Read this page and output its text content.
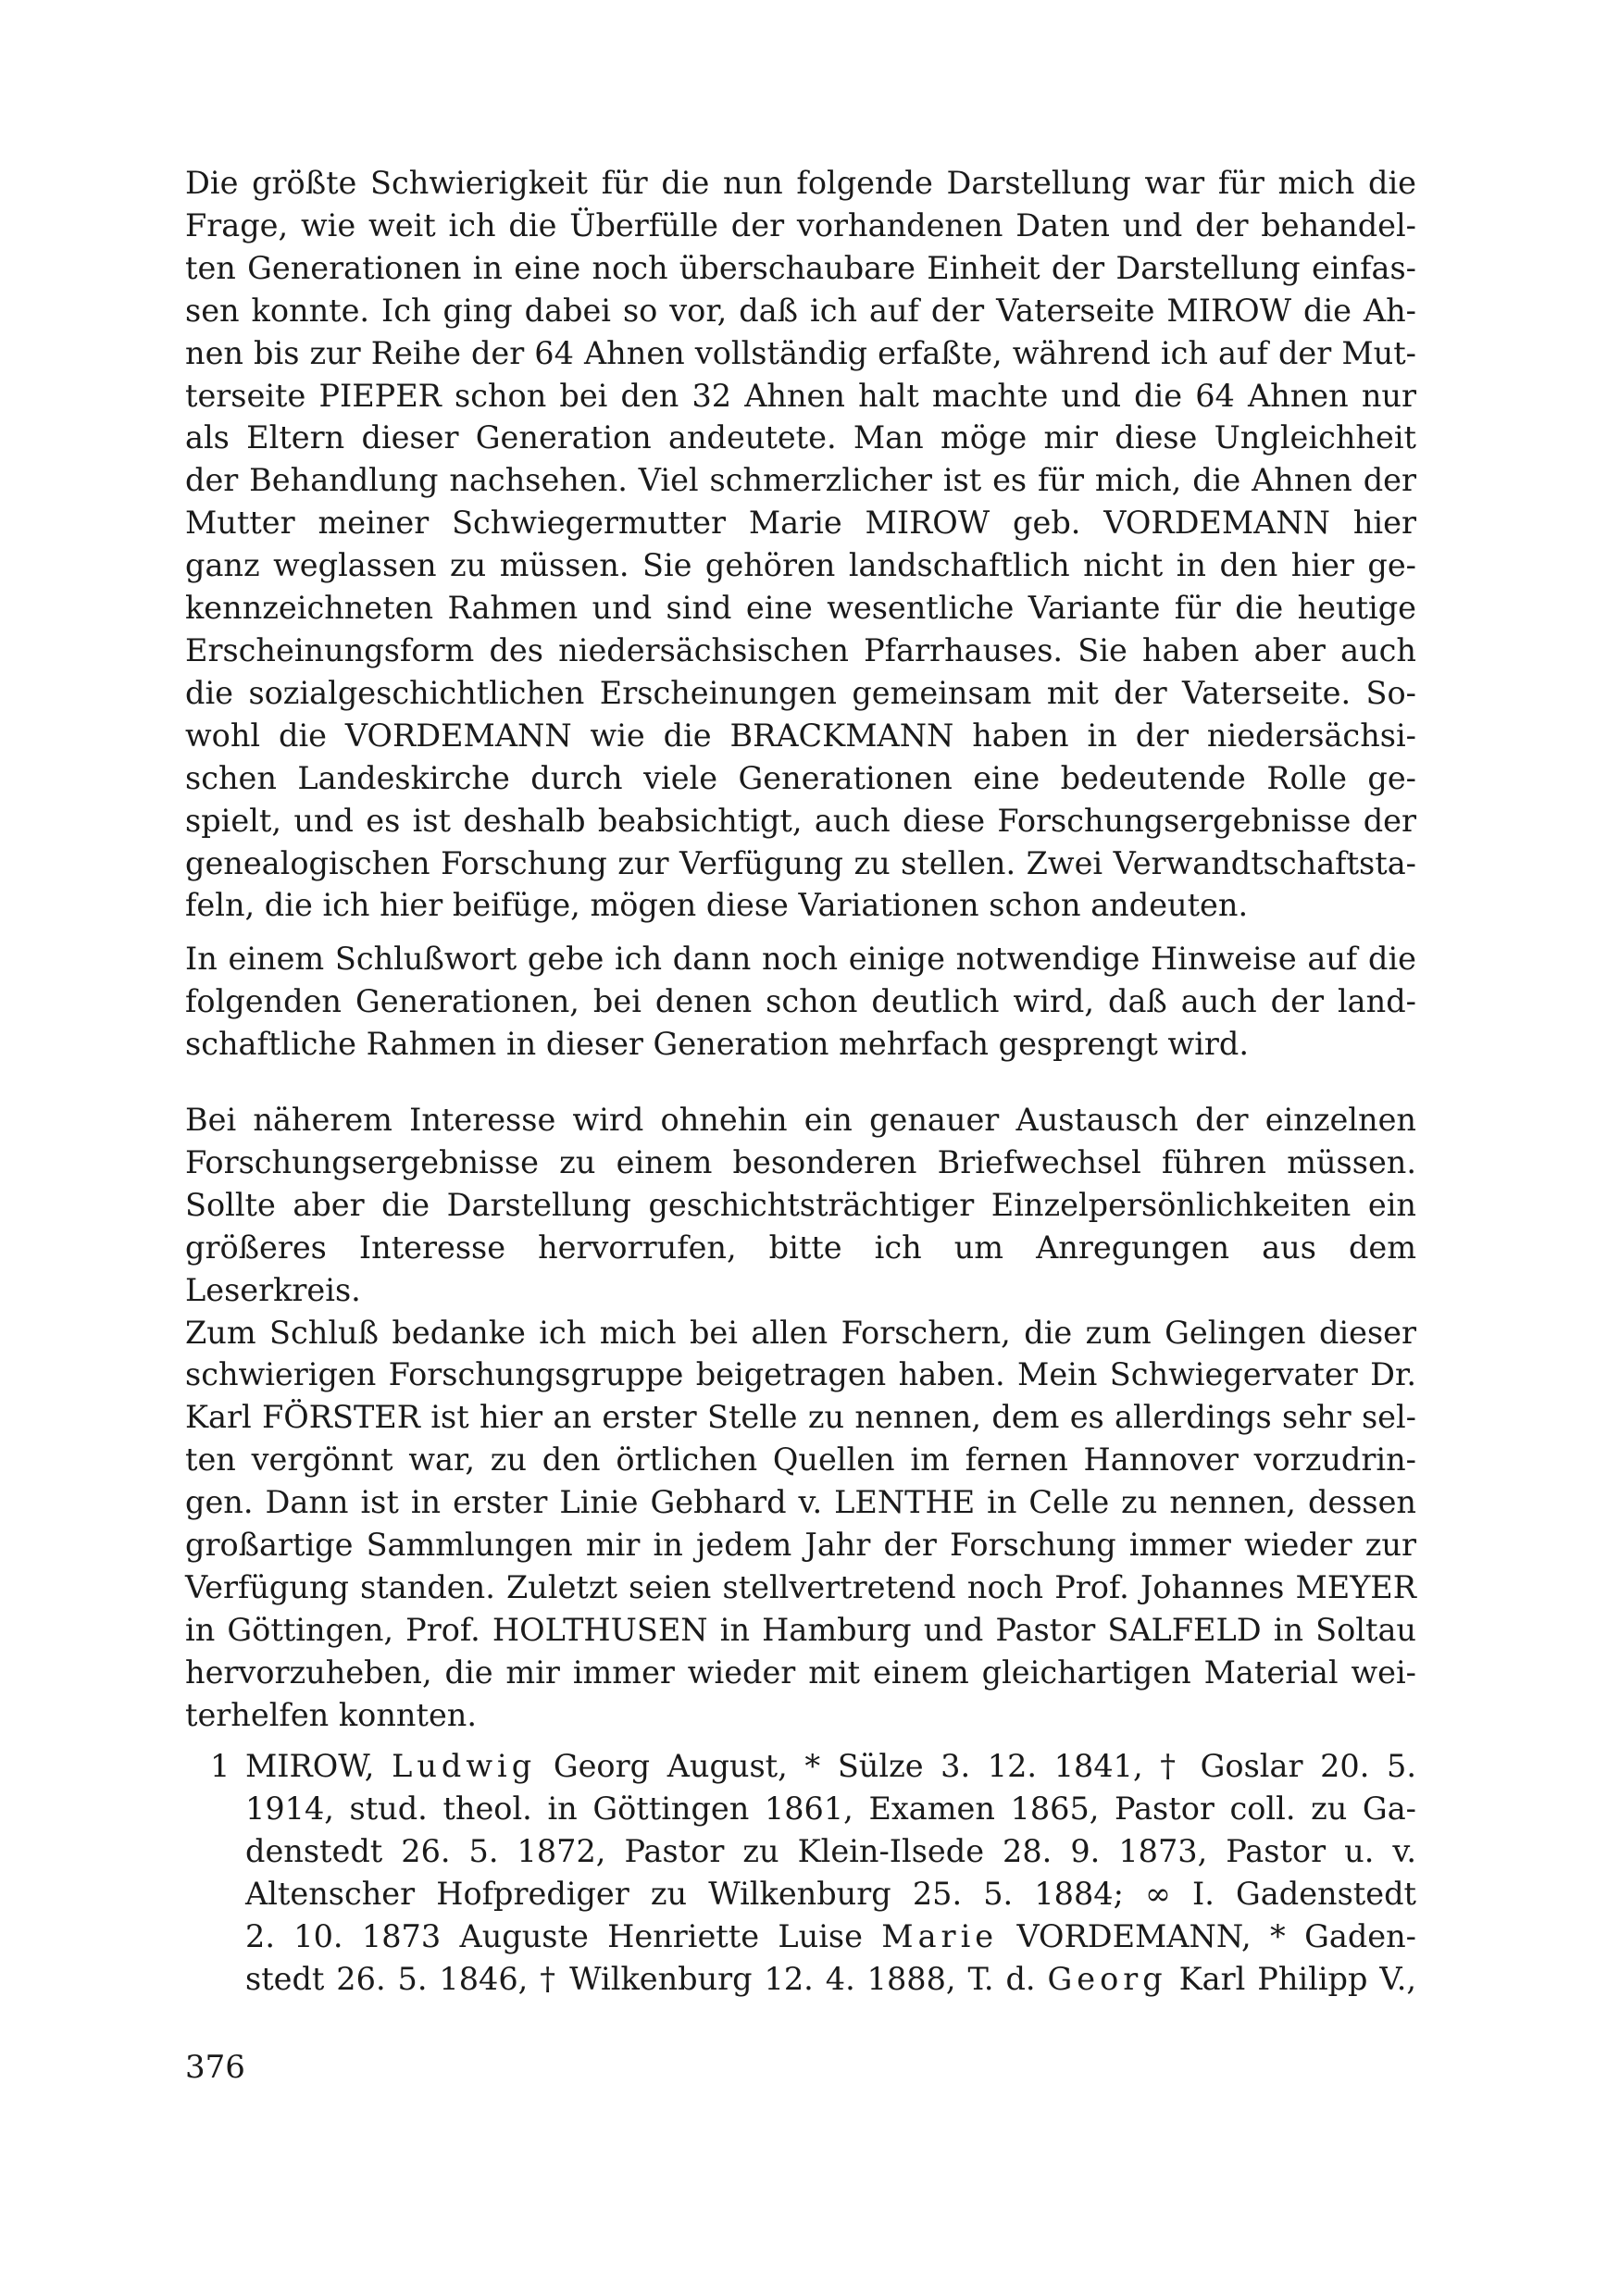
Die größte Schwierigkeit für die nun folgende Darstellung war für mich die

Frage, wie weit ich die Überfülle der vorhandenen Daten und der behandel-

ten Generationen in eine noch überschaubare Einheit der Darstellung einfas-

sen konnte. Ich ging dabei so vor, daß ich auf der Vaterseite MIROW die Ah-

nen bis zur Reihe der 64 Ahnen vollständig erfaßte, während ich auf der Mut-

terseite PIEPER schon bei den 32 Ahnen halt machte und die 64 Ahnen nur

als Eltern dieser Generation andeutete. Man möge mir diese Ungleichheit

der Behandlung nachsehen. Viel schmerzlicher ist es für mich, die Ahnen der

Mutter meiner Schwiegermutter Marie MIROW geb. VORDEMANN hier

ganz weglassen zu müssen. Sie gehören landschaftlich nicht in den hier ge-

kennzeichneten Rahmen und sind eine wesentliche Variante für die heutige

Erscheinungsform des niedersächsischen Pfarrhauses. Sie haben aber auch

die sozialgeschichtlichen Erscheinungen gemeinsam mit der Vaterseite. So-

wohl die VORDEMANN wie die BRACKMANN haben in der niedersächsi-

schen Landeskirche durch viele Generationen eine bedeutende Rolle ge-

spielt, und es ist deshalb beabsichtigt, auch diese Forschungsergebnisse der

genealogischen Forschung zur Verfügung zu stellen. Zwei Verwandtschaftsta-

feln, die ich hier beifüge, mögen diese Variationen schon andeuten.

In einem Schlußwort gebe ich dann noch einige notwendige Hinweise auf die

folgenden Generationen, bei denen schon deutlich wird, daß auch der land-

schaftliche Rahmen in dieser Generation mehrfach gesprengt wird.

Bei näherem Interesse wird ohnehin ein genauer Austausch der einzelnen

Forschungsergebnisse zu einem besonderen Briefwechsel führen müssen.

Sollte aber die Darstellung geschichtsträchtiger Einzelpersönlichkeiten ein

größeres Interesse hervorrufen, bitte ich um Anregungen aus dem Leserkreis.

Zum Schluß bedanke ich mich bei allen Forschern, die zum Gelingen dieser

schwierigen Forschungsgruppe beigetragen haben. Mein Schwiegervater Dr.

Karl FÖRSTER ist hier an erster Stelle zu nennen, dem es allerdings sehr sel-

ten vergönnt war, zu den örtlichen Quellen im fernen Hannover vorzudrin-

gen. Dann ist in erster Linie Gebhard v. LENTHE in Celle zu nennen, dessen

großartige Sammlungen mir in jedem Jahr der Forschung immer wieder zur

Verfügung standen. Zuletzt seien stellvertretend noch Prof. Johannes MEYER

in Göttingen, Prof. HOLTHUSEN in Hamburg und Pastor SALFELD in Soltau

hervorzuheben, die mir immer wieder mit einem gleichartigen Material wei-

terhelfen konnten.

1 MIROW, Ludwig Georg August, * Sülze 3. 12. 1841, † Goslar 20. 5.

1914, stud. theol. in Göttingen 1861, Examen 1865, Pastor coll. zu Ga-

denstedt 26. 5. 1872, Pastor zu Klein-Ilsede 28. 9. 1873, Pastor u. v.

Altenscher Hofprediger zu Wilkenburg 25. 5. 1884; ∞ I. Gadenstedt

2. 10. 1873 Auguste Henriette Luise Marie VORDEMANN, * Gaden-

stedt 26. 5. 1846, † Wilkenburg 12. 4. 1888, T. d. Georg Karl Philipp V.,

376
